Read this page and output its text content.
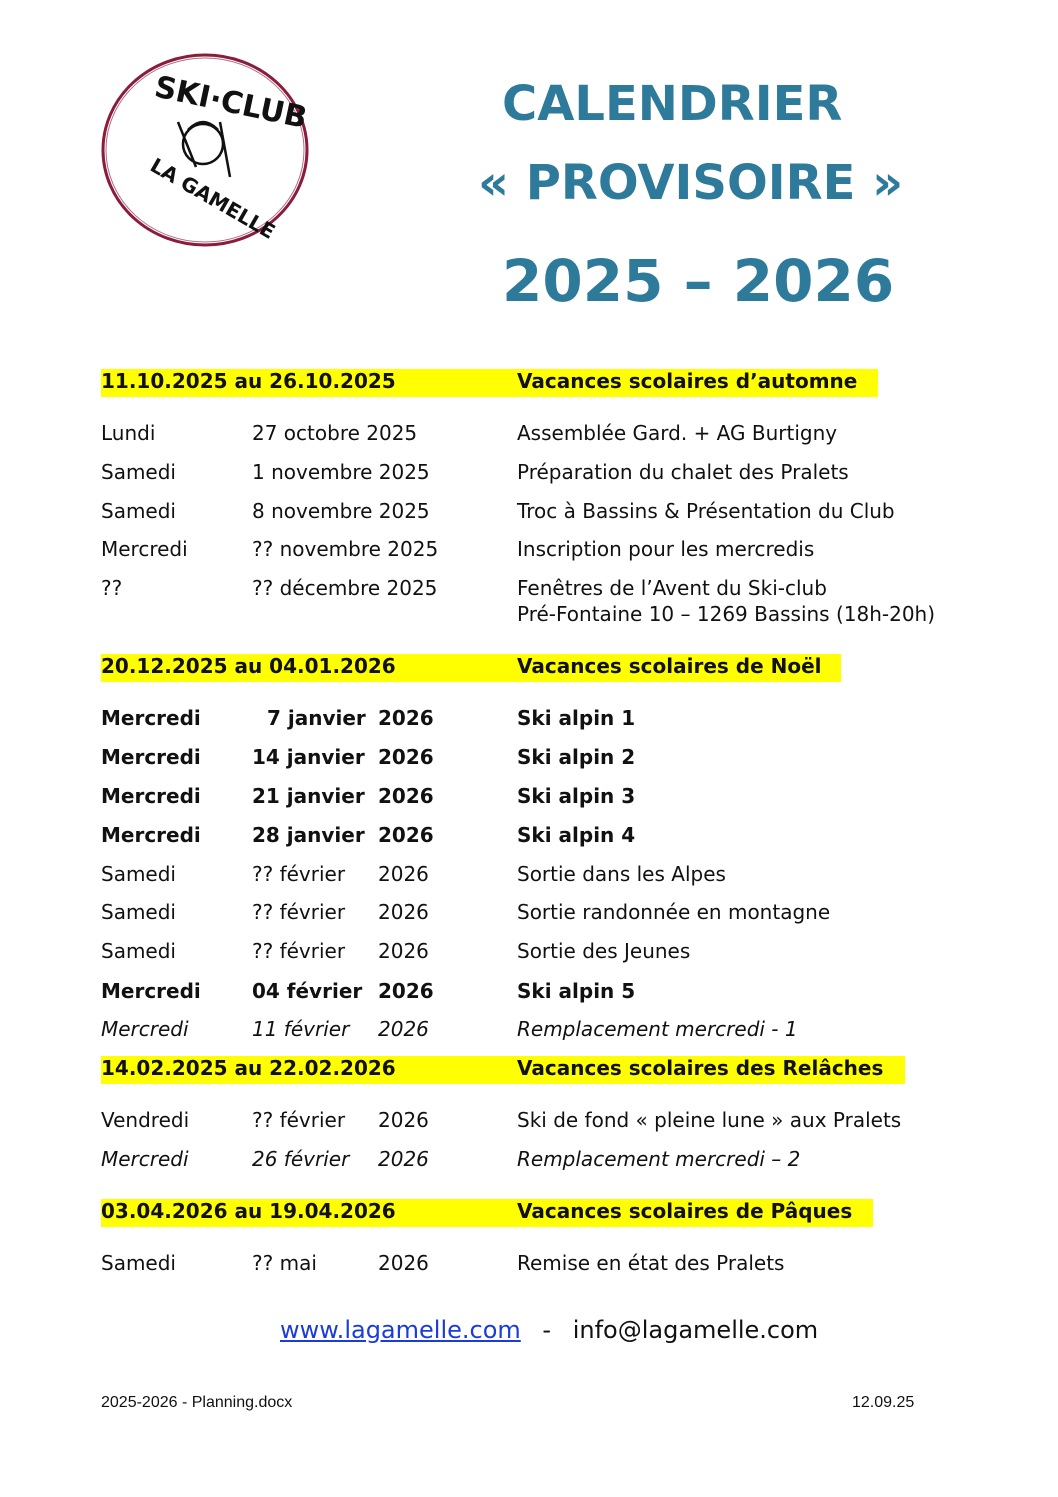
SKI·CLUB
LA GAMELLE
CALENDRIER
« PROVISOIRE »
2025 – 2026
11.10.2025 au 26.10.2025	Vacances scolaires d’automne
Lundi	27 octobre 2025	Assemblée Gard. + AG Burtigny
Samedi	1 novembre 2025	Préparation du chalet des Pralets
Samedi	8 novembre 2025	Troc à Bassins & Présentation du Club
Mercredi	?? novembre 2025	Inscription pour les mercredis
??	?? décembre 2025	Fenêtres de l’Avent du Ski-club
Pré-Fontaine 10 – 1269 Bassins (18h-20h)
20.12.2025 au 04.01.2026	Vacances scolaires de Noël
Mercredi	7 janvier 2026	Ski alpin 1
Mercredi	14 janvier 2026	Ski alpin 2
Mercredi	21 janvier 2026	Ski alpin 3
Mercredi	28 janvier 2026	Ski alpin 4
Samedi	?? février 2026	Sortie dans les Alpes
Samedi	?? février 2026	Sortie randonnée en montagne
Samedi	?? février 2026	Sortie des Jeunes
Mercredi	04 février 2026	Ski alpin 5
Mercredi	11 février 2026	Remplacement mercredi - 1
14.02.2025 au 22.02.2026	Vacances scolaires des Relâches
Vendredi	?? février 2026	Ski de fond « pleine lune » aux Pralets
Mercredi	26 février 2026	Remplacement mercredi – 2
03.04.2026 au 19.04.2026	Vacances scolaires de Pâques
Samedi	?? mai	2026	Remise en état des Pralets
www.lagamelle.com - info@lagamelle.com
2025-2026 - Planning.docx	12.09.25
